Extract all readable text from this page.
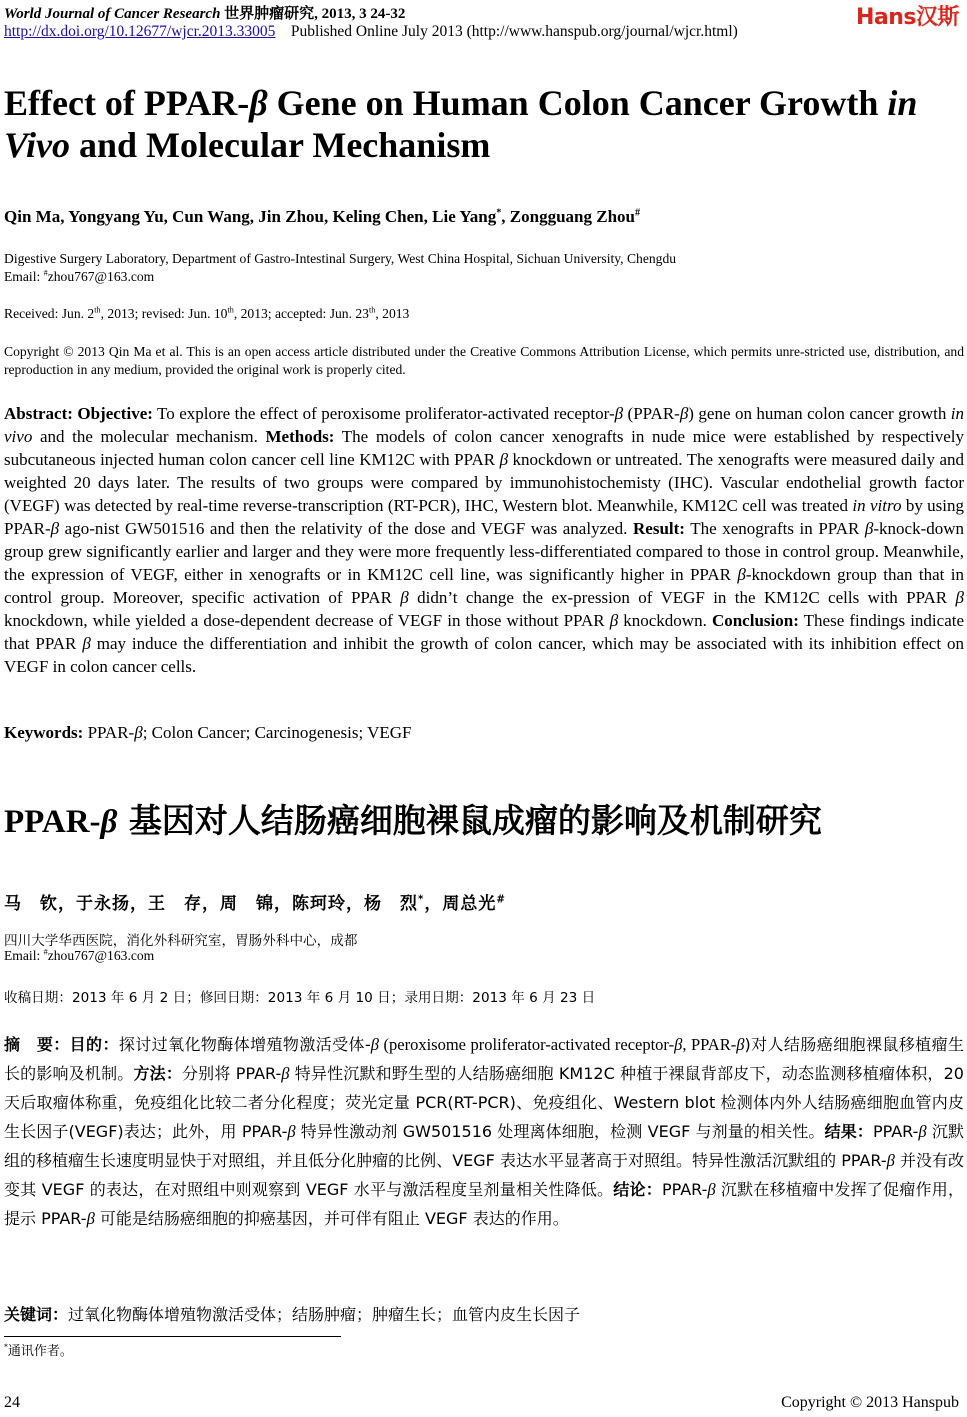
World Journal of Cancer Research 世界肿瘤研究, 2013, 3 24-32
http://dx.doi.org/10.12677/wjcr.2013.33005 Published Online July 2013 (http://www.hanspub.org/journal/wjcr.html)
Hans汉斯
Effect of PPAR-β Gene on Human Colon Cancer Growth in
Vivo and Molecular Mechanism
Qin Ma, Yongyang Yu, Cun Wang, Jin Zhou, Keling Chen, Lie Yang*, Zongguang Zhou#
Digestive Surgery Laboratory, Department of Gastro-Intestinal Surgery, West China Hospital, Sichuan University, Chengdu
Email: #zhou767@163.com
Received: Jun. 2th, 2013; revised: Jun. 10th, 2013; accepted: Jun. 23th, 2013
Copyright © 2013 Qin Ma et al. This is an open access article distributed under the Creative Commons Attribution License, which permits unre-stricted use, distribution, and reproduction in any medium, provided the original work is properly cited.
Abstract: Objective: To explore the effect of peroxisome proliferator-activated receptor-β (PPAR-β) gene on human colon cancer growth in vivo and the molecular mechanism. Methods: The models of colon cancer xenografts in nude mice were established by respectively subcutaneous injected human colon cancer cell line KM12C with PPAR β knockdown or untreated. The xenografts were measured daily and weighted 20 days later. The results of two groups were compared by immunohistochemisty (IHC). Vascular endothelial growth factor (VEGF) was detected by real-time reverse-transcription (RT-PCR), IHC, Western blot. Meanwhile, KM12C cell was treated in vitro by using PPAR-β ago-nist GW501516 and then the relativity of the dose and VEGF was analyzed. Result: The xenografts in PPAR β-knock-down group grew significantly earlier and larger and they were more frequently less-differentiated compared to those in control group. Meanwhile, the expression of VEGF, either in xenografts or in KM12C cell line, was significantly higher in PPAR β-knockdown group than that in control group. Moreover, specific activation of PPAR β didn’t change the ex-pression of VEGF in the KM12C cells with PPAR β knockdown, while yielded a dose-dependent decrease of VEGF in those without PPAR β knockdown. Conclusion: These findings indicate that PPAR β may induce the differentiation and inhibit the growth of colon cancer, which may be associated with its inhibition effect on VEGF in colon cancer cells.
Keywords: PPAR-β; Colon Cancer; Carcinogenesis; VEGF
PPAR-β 基因对人结肠癌细胞裸鼠成瘤的影响及机制研究
马　钦，于永扬，王　存，周　锦，陈珂玲，杨　烈*，周总光#
四川大学华西医院，消化外科研究室，胃肠外科中心，成都
Email: #zhou767@163.com
收稿日期：2013 年 6 月 2 日；修回日期：2013 年 6 月 10 日；录用日期：2013 年 6 月 23 日
摘　要：目的：探讨过氧化物酶体增殖物激活受体-β (peroxisome proliferator-activated receptor-β, PPAR-β)对人结肠癌细胞裸鼠移植瘤生长的影响及机制。方法：分别将 PPAR-β 特异性沉默和野生型的人结肠癌细胞 KM12C 种植于裸鼠背部皮下，动态监测移植瘤体积，20 天后取瘤体称重，免疫组化比较二者分化程度；荧光定量 PCR(RT-PCR)、免疫组化、Western blot 检测体内外人结肠癌细胞血管内皮生长因子(VEGF)表达；此外，用 PPAR-β 特异性激动剂 GW501516 处理离体细胞，检测 VEGF 与剂量的相关性。结果：PPAR-β 沉默组的移植瘤生长速度明显快于对照组，并且低分化肿瘤的比例、VEGF 表达水平显著高于对照组。特异性激活沉默组的 PPAR-β 并没有改变其 VEGF 的表达，在对照组中则观察到 VEGF 水平与激活程度呈剂量相关性降低。结论：PPAR-β 沉默在移植瘤中发挥了促瘤作用，提示 PPAR-β 可能是结肠癌细胞的抑癌基因，并可伴有阻止 VEGF 表达的作用。
关键词：过氧化物酶体增殖物激活受体；结肠肿瘤；肿瘤生长；血管内皮生长因子
*通讯作者。
24	Copyright © 2013 Hanspub
